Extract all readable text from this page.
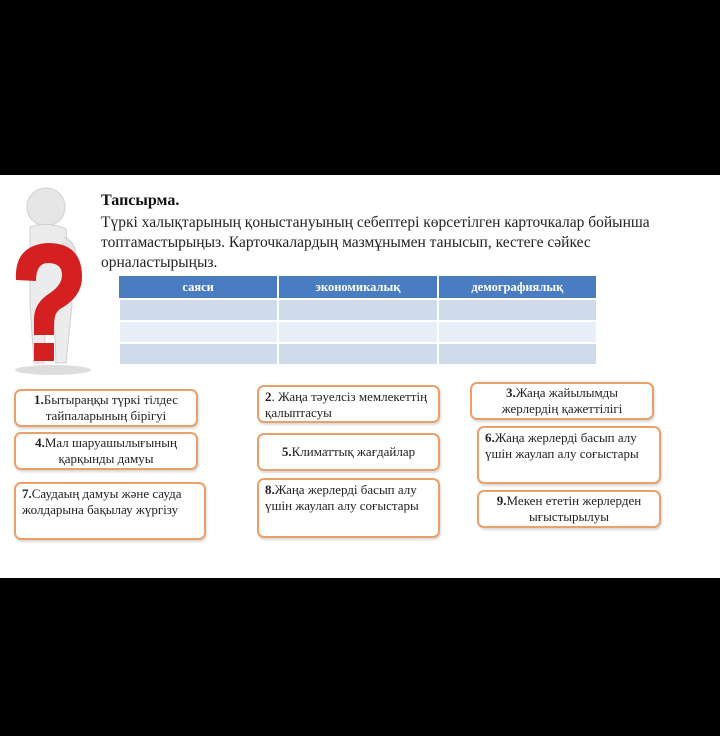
Тапсырма.
Түркі халықтарының қоныстануының себептері көрсетілген карточкалар бойынша топтамастырыңыз. Карточкалардың мазмұнымен танысып, кестеге сәйкес орналастырыңыз.
саяси	экономикалық	демографиялық

1.Бытыраңқы түркі тілдес тайпаларының бірігуі
2. Жаңа тәуелсіз мемлекеттің қалыптасуы
3.Жаңа жайылымды жерлердің қажеттілігі
4.Мал шаруашылығының қарқынды дамуы	5.Климаттық жағдайлар
6.Жаңа жерлерді басып алу үшін жаулап алу соғыстары
7.Саудаың дамуы және сауда жолдарына бақылау жүргізу
8.Жаңа жерлерді басып алу үшін жаулап алу соғыстары	9.Мекен ететін жерлерден ығыстырылуы
